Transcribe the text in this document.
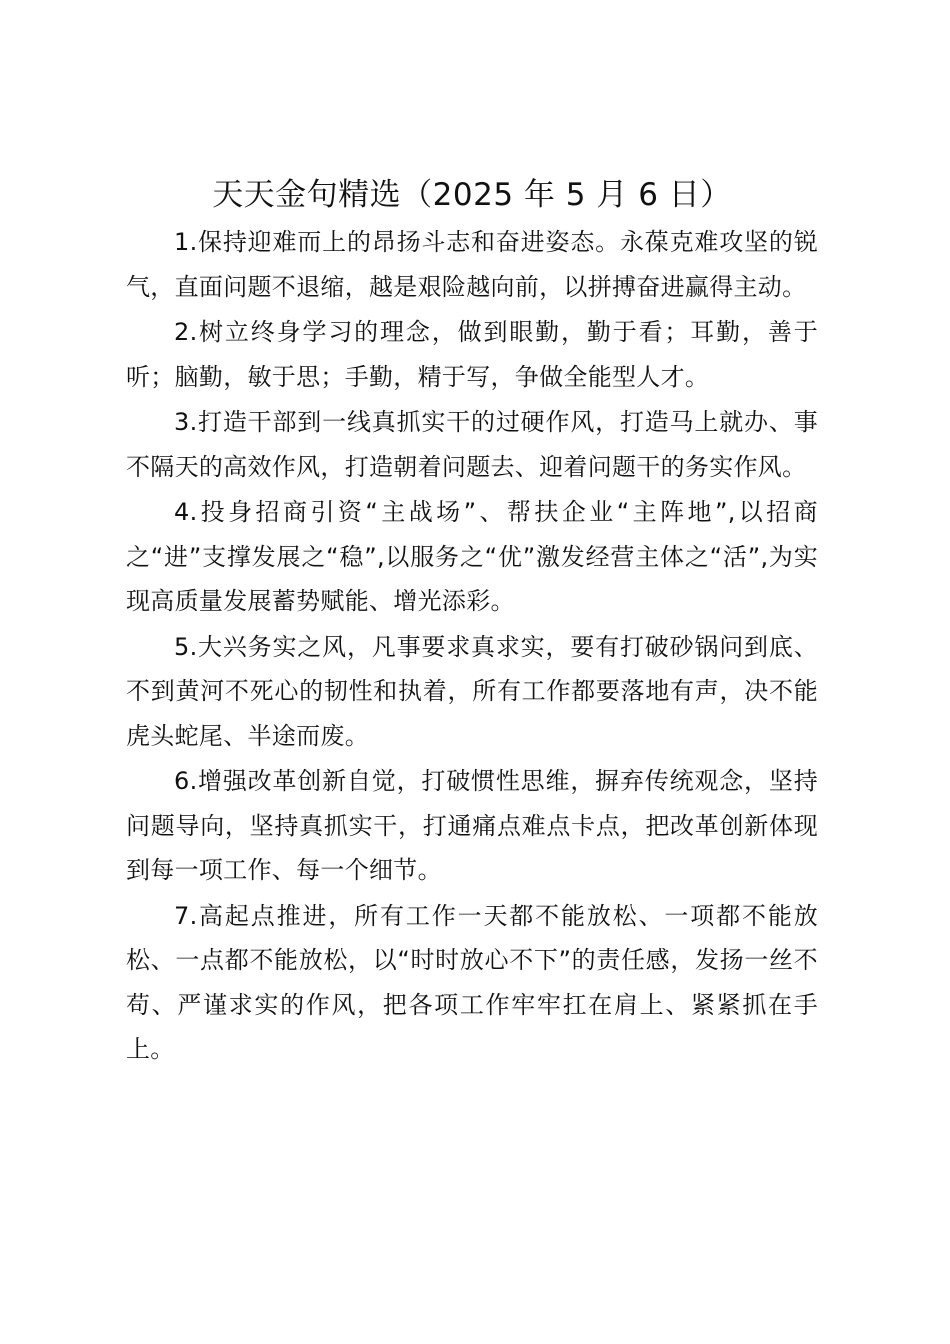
天天金句精选（2025 年 5 月 6 日）

1.保持迎难而上的昂扬斗志和奋进姿态。永葆克难攻坚的锐气，直面问题不退缩，越是艰险越向前，以拼搏奋进赢得主动。

2.树立终身学习的理念，做到眼勤，勤于看；耳勤，善于听；脑勤，敏于思；手勤，精于写，争做全能型人才。

3.打造干部到一线真抓实干的过硬作风，打造马上就办、事不隔天的高效作风，打造朝着问题去、迎着问题干的务实作风。

4.投身招商引资“主战场”、帮扶企业“主阵地”,以招商之“进”支撑发展之“稳”,以服务之“优”激发经营主体之“活”,为实现高质量发展蓄势赋能、增光添彩。

5.大兴务实之风，凡事要求真求实，要有打破砂锅问到底、不到黄河不死心的韧性和执着，所有工作都要落地有声，决不能虎头蛇尾、半途而废。

6.增强改革创新自觉，打破惯性思维，摒弃传统观念，坚持问题导向，坚持真抓实干，打通痛点难点卡点，把改革创新体现到每一项工作、每一个细节。

7.高起点推进，所有工作一天都不能放松、一项都不能放松、一点都不能放松，以“时时放心不下”的责任感，发扬一丝不苟、严谨求实的作风，把各项工作牢牢扛在肩上、紧紧抓在手上。
